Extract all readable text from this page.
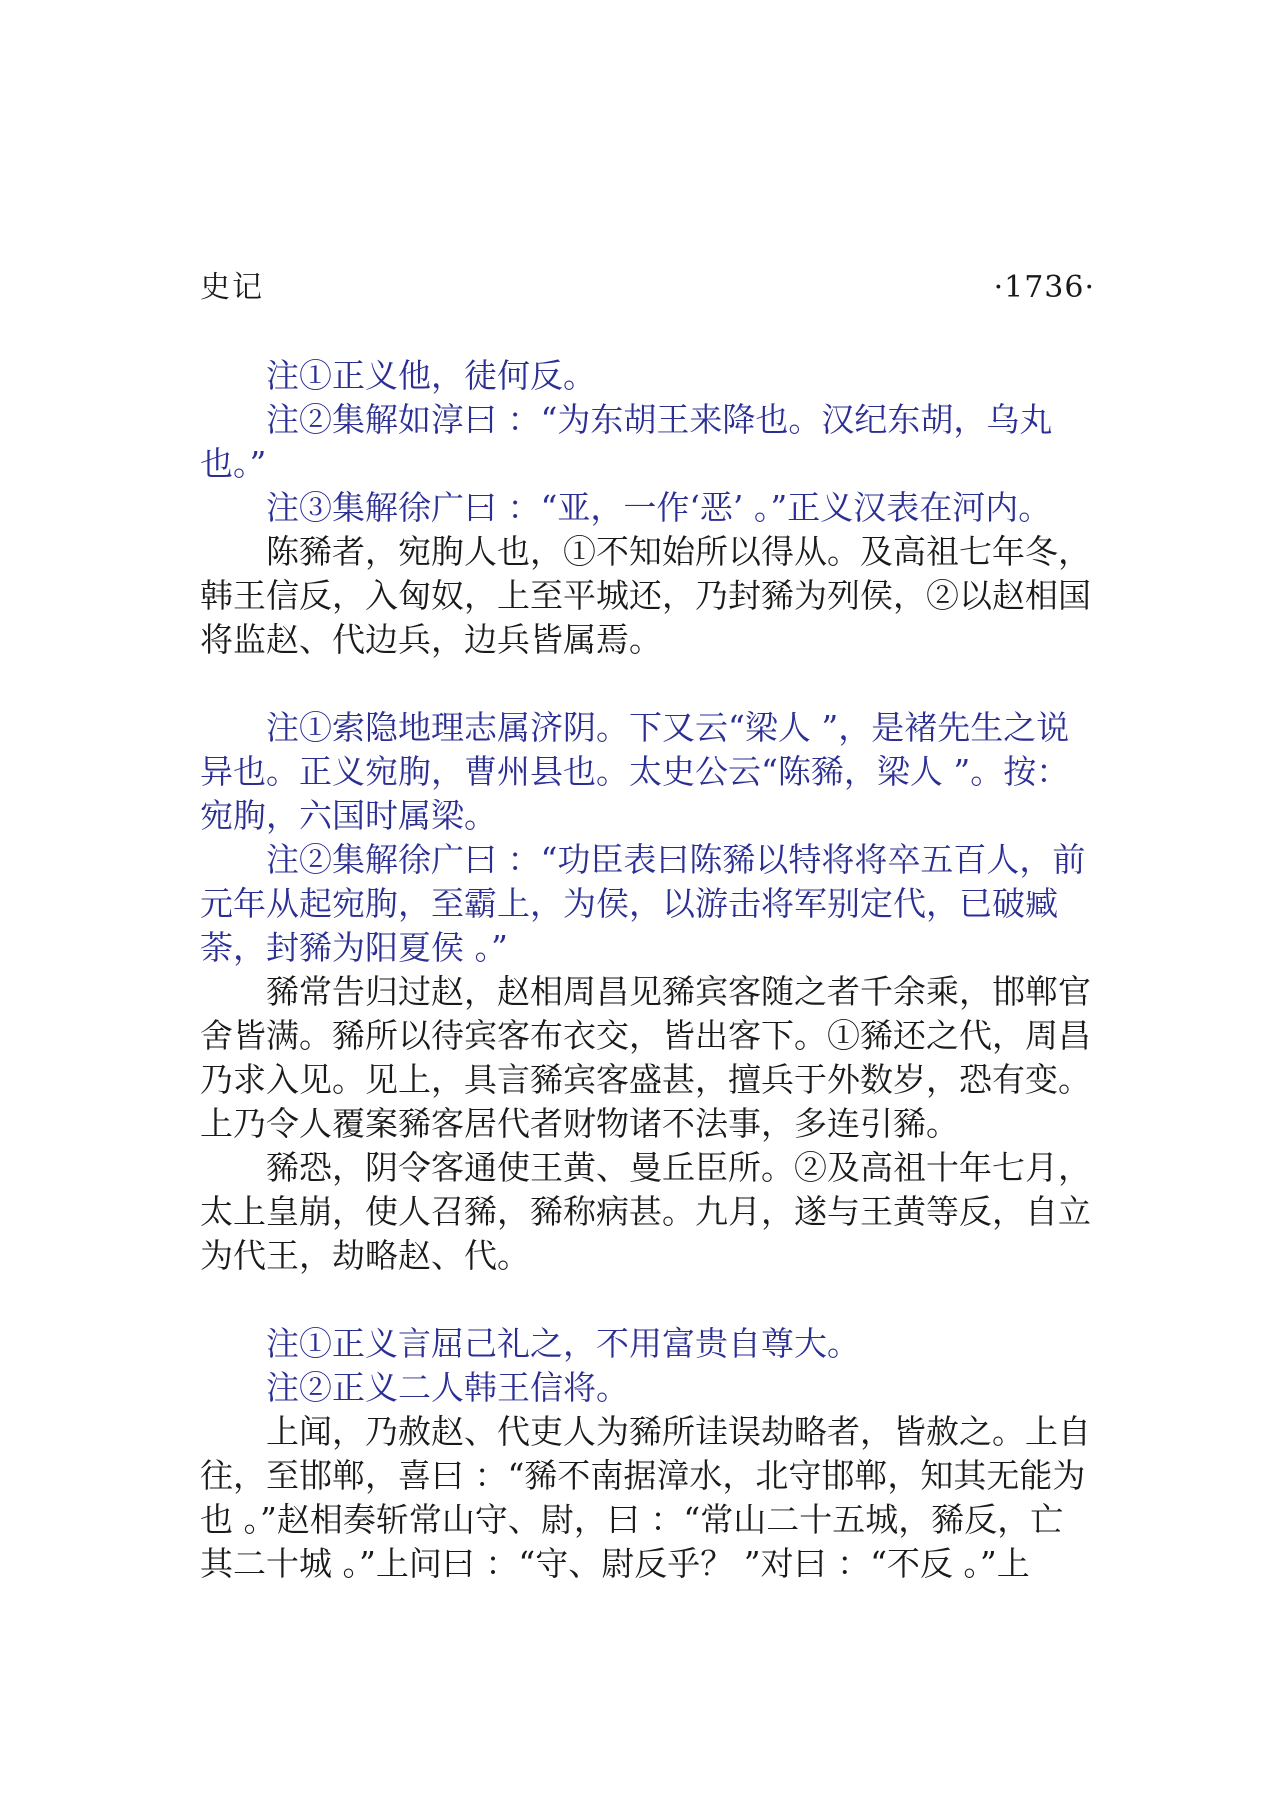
史记	·1736·

注①正义他，徒何反。

注②集解如淳曰 ：“为东胡王来降也。汉纪东胡，乌丸也。”

注③集解徐广曰 ：“亚，一作‘恶’ 。”正义汉表在河内。

陈豨者，宛朐人也，①不知始所以得从。及高祖七年冬，韩王信反，入匈奴，上至平城还，乃封豨为列侯，②以赵相国将监赵、代边兵，边兵皆属焉。

注①索隐地理志属济阴。下又云“梁人 ”，是褚先生之说异也。正义宛朐，曹州县也。太史公云“陈豨，梁人 ”。按：宛朐，六国时属梁。

注②集解徐广曰 ：“功臣表曰陈豨以特将将卒五百人，前元年从起宛朐，至霸上，为侯，以游击将军别定代，已破臧荼，封豨为阳夏侯 。”

豨常告归过赵，赵相周昌见豨宾客随之者千余乘，邯郸官舍皆满。豨所以待宾客布衣交，皆出客下。①豨还之代，周昌乃求入见。见上，具言豨宾客盛甚，擅兵于外数岁，恐有变。上乃令人覆案豨客居代者财物诸不法事，多连引豨。

豨恐，阴令客通使王黄、曼丘臣所。②及高祖十年七月，太上皇崩，使人召豨，豨称病甚。九月，遂与王黄等反，自立为代王，劫略赵、代。

注①正义言屈己礼之，不用富贵自尊大。

注②正义二人韩王信将。

上闻，乃赦赵、代吏人为豨所诖误劫略者，皆赦之。上自往，至邯郸，喜曰 ：“豨不南据漳水，北守邯郸，知其无能为也 。”赵相奏斩常山守、尉，曰 ：“常山二十五城，豨反，亡其二十城 。”上问曰 ：“守、尉反乎？ ”对曰 ：“不反 。”上
